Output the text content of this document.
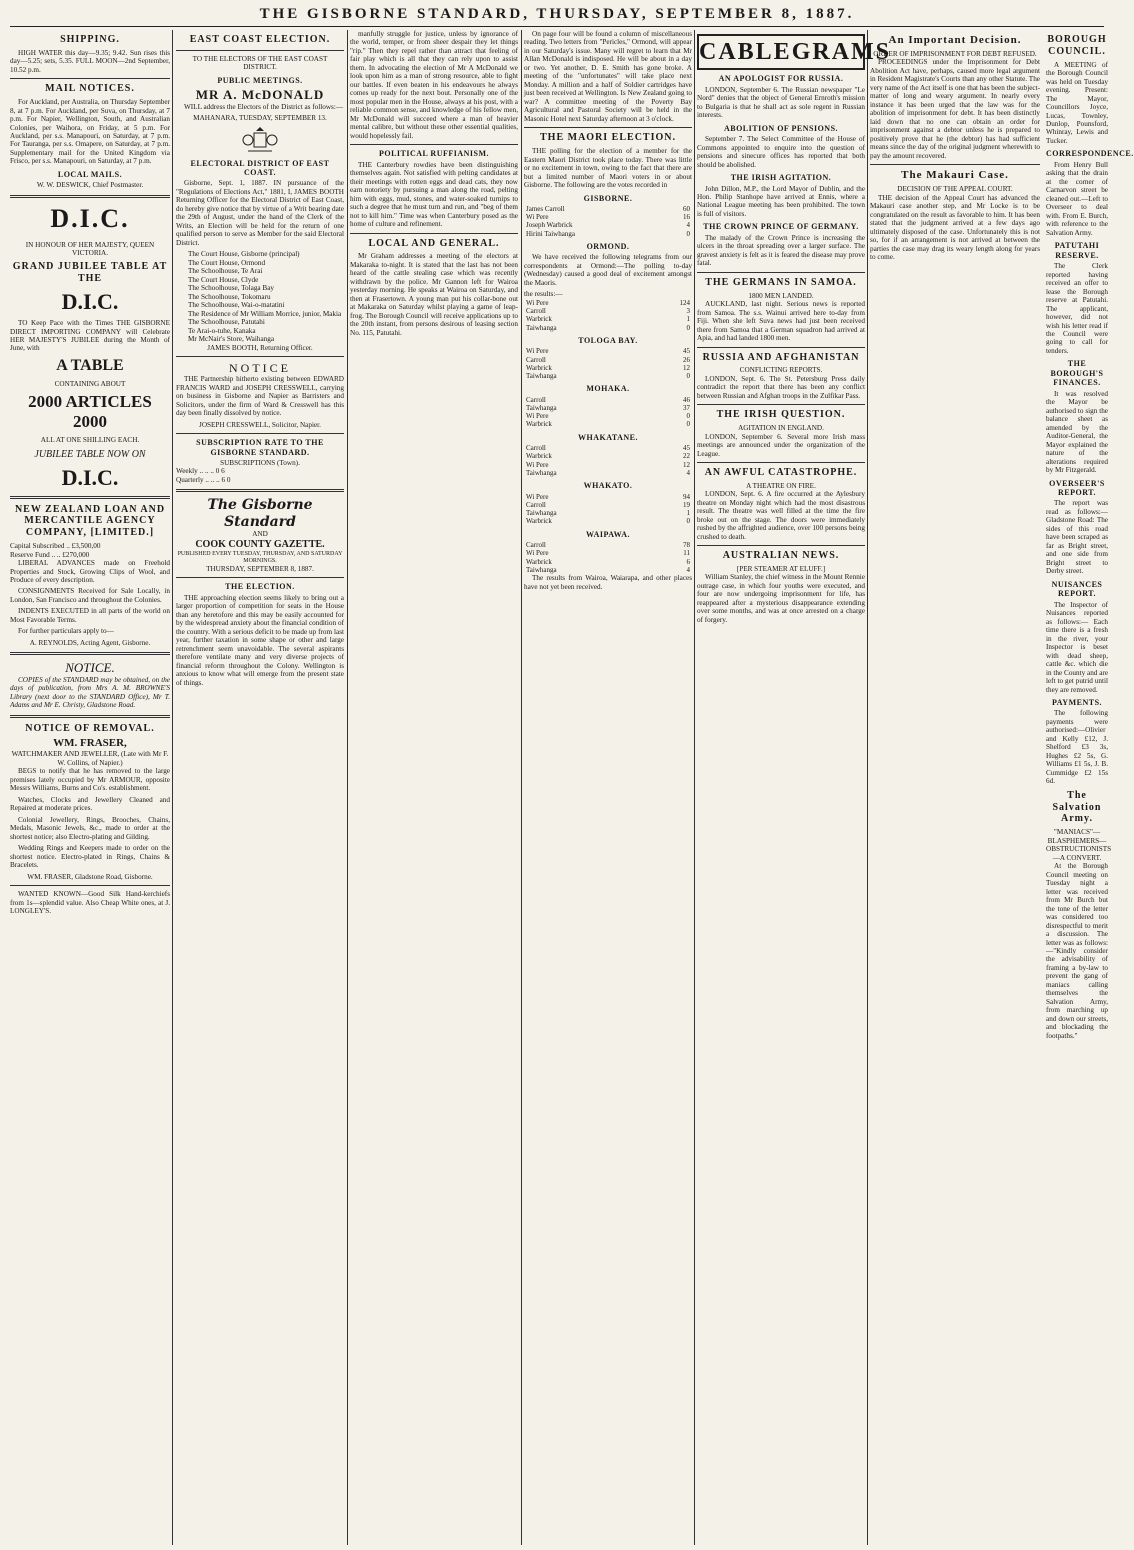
THE GISBORNE STANDARD, THURSDAY, SEPTEMBER 8, 1887.
SHIPPING.

HIGH WATER this day—9.35; 9.42. Sun rises this day—5.25; sets, 5.35. FULL MOON—2nd September, 10.52 p.m.

MAIL NOTICES.

For Auckland, per Australia, on Thursday September 8, at 7 p.m. For Auckland, per Suva, on Thursday, at 7 p.m. For Napier, Wellington, South, and Australian Colonies, per Waihora, on Friday, at 5 p.m. For Auckland, per s.s. Manapouri, on Saturday, at 7 p.m. For Tauranga, per s.s. Omapere, on Saturday, at 7 p.m. Supplementary mail for the United Kingdom via Frisco, per s.s. Manapouri, on Saturday, at 7 p.m.

LOCAL MAILS.
W. W. DESWICK, Chief Postmaster.
D.I.C.
IN HONOUR OF HER MAJESTY, QUEEN VICTORIA.
GRAND JUBILEE TABLE AT THE
D.I.C.

TO Keep Pace with the Times THE GISBORNE DIRECT IMPORTING COMPANY will Celebrate HER MAJESTY'S JUBILEE during the Month of June, with

A TABLE
CONTAINING ABOUT
2000 ARTICLES 2000
ALL AT ONE SHILLING EACH.
JUBILEE TABLE NOW ON
D.I.C.
NEW ZEALAND LOAN AND MERCANTILE AGENCY COMPANY, [LIMITED.]
Capital Subscribed .. £3,500,00
Reserve Fund .. .. £270,000

LIBERAL ADVANCES made on Freehold Properties and Stock, Growing Clips of Wool, and Produce of every description.

CONSIGNMENTS Received for Sale Locally, in London, San Francisco and throughout the Colonies.

INDENTS EXECUTED in all parts of the world on Most Favorable Terms.

For further particulars apply to—

A. REYNOLDS, Acting Agent, Gisborne.
NOTICE.

COPIES of the STANDARD may be obtained, on the days of publication, from Mrs A. M. BROWNE'S Library (next door to the STANDARD Office), Mr T. Adams and Mr E. Christy, Gladstone Road.

NOTICE OF REMOVAL.
WM. FRASER,
WATCHMAKER AND JEWELLER, (Late with Mr F. W. Collins, of Napier.)

BEGS to notify that he has removed to the large premises lately occupied by Mr ARMOUR, opposite Messrs Williams, Burns and Co's. establishment.

Watches, Clocks and Jewellery Cleaned and Repaired at moderate prices.

Colonial Jewellery, Rings, Brooches, Chains, Medals, Masonic Jewels, &c., made to order at the shortest notice; also Electro-plating and Gilding.

Wedding Rings and Keepers made to order on the shortest notice. Electro-plated in Rings, Chains & Bracelets.

WM. FRASER, Gladstone Road, Gisborne.

WANTED KNOWN—Good Silk Hand-kerchiefs from 1s—splendid value. Also Cheap White ones, at J. LONGLEY'S.

EAST COAST ELECTION.
TO THE ELECTORS OF THE EAST COAST DISTRICT.
PUBLIC MEETINGS.
MR A. McDONALD

WILL address the Electors of the District as follows:—

MAHANARA, TUESDAY, SEPTEMBER 13.
ELECTORAL DISTRICT OF EAST COAST.

Gisborne, Sept. 1, 1887. IN pursuance of the "Regulations of Elections Act," 1881, I, JAMES BOOTH Returning Officer for the Electoral District of East Coast, do hereby give notice that by virtue of a Writ bearing date the 29th of August, under the hand of the Clerk of the Writs, an Election will be held for the return of one qualified person to serve as Member for the said Electoral District.

The Court House, Gisborne (principal)
The Court House, Ormond
The Schoolhouse, Te Arai
The Court House, Clyde
The Schoolhouse, Tolaga Bay
The Schoolhouse, Tokomaru
The Schoolhouse, Wai-o-matatini
The Residence of Mr William Morrice, junior, Makia
The Schoolhouse, Patutahi
Te Arai-o-tuhe, Kanaka
Mr McNair's Store, Waihanga
JAMES BOOTH, Returning Officer.
NOTICE

THE Partnership hitherto existing between EDWARD FRANCIS WARD and JOSEPH CRESSWELL, carrying on business in Gisborne and Napier as Barristers and Solicitors, under the firm of Ward & Cresswell has this day been finally dissolved by notice.

JOSEPH CRESSWELL, Solicitor, Napier.
SUBSCRIPTION RATE TO THE GISBORNE STANDARD.
SUBSCRIPTIONS (Town).
Weekly .. .. .. 0 6
Quarterly .. .. .. 6 0
The Gisborne Standard
AND
COOK COUNTY GAZETTE.
PUBLISHED EVERY TUESDAY, THURSDAY, AND SATURDAY MORNINGS.
THURSDAY, SEPTEMBER 8, 1887.
THE ELECTION.

THE approaching election seems likely to bring out a larger proportion of competition for seats in the House than any heretofore and this may be easily accounted for by the widespread anxiety about the financial condition of the country. With a serious deficit to be made up from last year, further taxation in some shape or other and large retrenchment seem unavoidable. The several aspirants therefore ventilate many and very diverse projects of financial reform throughout the Colony. Wellington is anxious to know what will emerge from the present state of things.

manfully struggle for justice, unless by ignorance of the world, temper, or from sheer despair they let things "rip." Then they repel rather than attract that feeling of fair play which is all that they can rely upon to assist them. In advocating the election of Mr A McDonald we look upon him as a man of strong resource, able to fight our battles. If even beaten in his endeavours he always comes up ready for the next bout. Personally one of the most popular men in the House, always at his post, with a reliable common sense, and knowledge of his fellow men, Mr McDonald will succeed where a man of heavier mental calibre, but without these other essential qualities, would hopelessly fail.

POLITICAL RUFFIANISM.

THE Canterbury rowdies have been distinguishing themselves again. Not satisfied with pelting candidates at their meetings with rotten eggs and dead cats, they now earn notoriety by pursuing a man along the road, pelting him with eggs, mud, stones, and water-soaked turnips to such a degree that he must turn and run, and "beg of them not to kill him." Time was when Canterbury posed as the home of culture and refinement.

LOCAL AND GENERAL.

Mr Graham addresses a meeting of the electors at Makaraka to-night. It is stated that the last has not been heard of the cattle stealing case which was recently withdrawn by the police. Mr Gannon left for Wairoa yesterday morning. He speaks at Wairoa on Saturday, and then at Frasertown. A young man put his collar-bone out at Makaraka on Saturday whilst playing a game of leap-frog. The Borough Council will receive applications up to the 20th instant, from persons desirous of leasing section No. 115, Patutahi.

On page four will be found a column of miscellaneous reading. Two letters from "Pericles," Ormond, will appear in our Saturday's issue. Many will regret to learn that Mr Allan McDonald is indisposed. He will be about in a day or two. Yet another, D. E. Smith has gone broke. A meeting of the "unfortunates" will take place next Monday. A million and a half of Soldier cartridges have just been received at Wellington. Is New Zealand going to war? A committee meeting of the Poverty Bay Agricultural and Pastoral Society will be held in the Masonic Hotel next Saturday afternoon at 3 o'clock.

THE MAORI ELECTION.

THE polling for the election of a member for the Eastern Maori District took place today. There was little or no excitement in town, owing to the fact that there are but a limited number of Maori voters in or about Gisborne. The following are the votes recorded in

GISBORNE.
James Carroll	60
Wi Pere	16
Joseph Warbrick	4
Hirini Taiwhanga	0
ORMOND.

We have received the following telegrams from our correspondents at Ormond:—The polling to-day (Wednesday) caused a good deal of excitement amongst the Maoris.

the results:—
Wi Pere	124
Carroll	3
Warbrick	1
Taiwhanga	0
TOLOGA BAY.
Wi Pere	45
Carroll	26
Warbrick	12
Taiwhanga	0
MOHAKA.
Carroll	46
Taiwhanga	37
Wi Pere	0
Warbrick	0
WHAKATANE.
Carroll	45
Warbrick	22
Wi Pere	12
Taiwhanga	4
WHAKATO.
Wi Pere	94
Carroll	19
Taiwhanga	1
Warbrick	0
WAIPAWA.
Carroll	78
Wi Pere	11
Warbrick	6
Taiwhanga	4

The results from Wairoa, Waiarapa, and other places have not yet been received.

CABLEGRAMS
AN APOLOGIST FOR RUSSIA.

LONDON, September 6. The Russian newspaper "Le Nord" denies that the object of General Ernroth's mission to Bulgaria is that he shall act as sole regent in Russian interests.

ABOLITION OF PENSIONS.

September 7. The Select Committee of the House of Commons appointed to enquire into the question of pensions and sinecure offices has reported that both should be abolished.

THE IRISH AGITATION.

John Dillon, M.P., the Lord Mayor of Dublin, and the Hon. Philip Stanhope have arrived at Ennis, where a National League meeting has been prohibited. The town is full of visitors.

THE CROWN PRINCE OF GERMANY.

The malady of the Crown Prince is increasing the ulcers in the throat spreading over a larger surface. The gravest anxiety is felt as it is feared the disease may prove fatal.

THE GERMANS IN SAMOA.
1800 MEN LANDED.

AUCKLAND, last night. Serious news is reported from Samoa. The s.s. Wainui arrived here to-day from Fiji. When she left Suva news had just been received there from Samoa that a German squadron had arrived at Apia, and had landed 1800 men.

RUSSIA AND AFGHANISTAN
CONFLICTING REPORTS.

LONDON, Sept. 6. The St. Petersburg Press daily contradict the report that there has been any conflict between Russian and Afghan troops in the Zulfikar Pass.

THE IRISH QUESTION.
AGITATION IN ENGLAND.

LONDON, September 6. Several more Irish mass meetings are announced under the organization of the League.

AN AWFUL CATASTROPHE.
A THEATRE ON FIRE.

LONDON, Sept. 6. A fire occurred at the Aylesbury theatre on Monday night which had the most disastrous result. The theatre was well filled at the time the fire broke out on the stage. The doors were immediately rushed by the affrighted audience, over 100 persons being crushed to death.

AUSTRALIAN NEWS.
[PER STEAMER AT ELUFF.]

William Stanley, the chief witness in the Mount Rennie outrage case, in which four youths were executed, and four are now undergoing imprisonment for life, has reappeared after a mysterious disappearance extending over some months, and was at once arrested on a charge of forgery.

An Important Decision.
ORDER OF IMPRISONMENT FOR DEBT REFUSED.

PROCEEDINGS under the Imprisonment for Debt Abolition Act have, perhaps, caused more legal argument in Resident Magistrate's Courts than any other Statute. The very name of the Act itself is one that has been the subject-matter of long and weary argument. In nearly every instance it has been urged that the law was for the abolition of imprisonment for debt. It has been distinctly laid down that no one can obtain an order for imprisonment against a debtor unless he is prepared to positively prove that he (the debtor) has had sufficient means since the day of the original judgment wherewith to pay the amount recovered.

The Makauri Case.
DECISION OF THE APPEAL COURT.

THE decision of the Appeal Court has advanced the Makauri case another step, and Mr Locke is to be congratulated on the result as favorable to him. It has been stated that the judgment arrived at a few days ago ultimately disposed of the case. Unfortunately this is not so, for if an arrangement is not arrived at between the parties the case may drag its weary length along for years to come.

BOROUGH COUNCIL.

A MEETING of the Borough Council was held on Tuesday evening. Present: The Mayor, Councillors Joyce, Lucas, Townley, Dunlop, Pounsford, Whinray, Lewis and Tucker.

CORRESPONDENCE.

From Henry Bull asking that the drain at the corner of Carnarvon street be cleaned out.—Left to Overseer to deal with. From E. Burch, with reference to the Salvation Army.

PATUTAHI RESERVE.

The Clerk reported having received an offer to lease the Borough reserve at Patutahi. The applicant, however, did not wish his letter read if the Council were going to call for tenders.

THE BOROUGH'S FINANCES.

It was resolved the Mayor be authorised to sign the balance sheet as amended by the Auditor-General, the Mayor explained the nature of the alterations required by Mr Fitzgerald.

OVERSEER'S REPORT.

The report was read as follows:—Gladstone Road: The sides of this road have been scraped as far as Bright street, and one side from Bright street to Derby street.

NUISANCES REPORT.

The Inspector of Nuisances reported as follows:— Each time there is a fresh in the river, your Inspector is beset with dead sheep, cattle &c. which die in the County and are left to get putrid until they are removed.

PAYMENTS.

The following payments were authorised:—Olivier and Kelly £12, J. Shelford £3 3s, Hughes £2 5s, G. Williams £1 5s, J. B. Cummidge £2 15s 6d.

The Salvation Army.
"MANIACS"—BLASPHEMERS—OBSTRUCTIONISTS—A CONVERT.

At the Borough Council meeting on Tuesday night a letter was received from Mr Burch but the tone of the letter was considered too disrespectful to merit a discussion. The letter was as follows:—"Kindly consider the advisability of framing a by-law to prevent the gang of maniacs calling themselves the Salvation Army, from marching up and down our streets, and blockading the footpaths."
